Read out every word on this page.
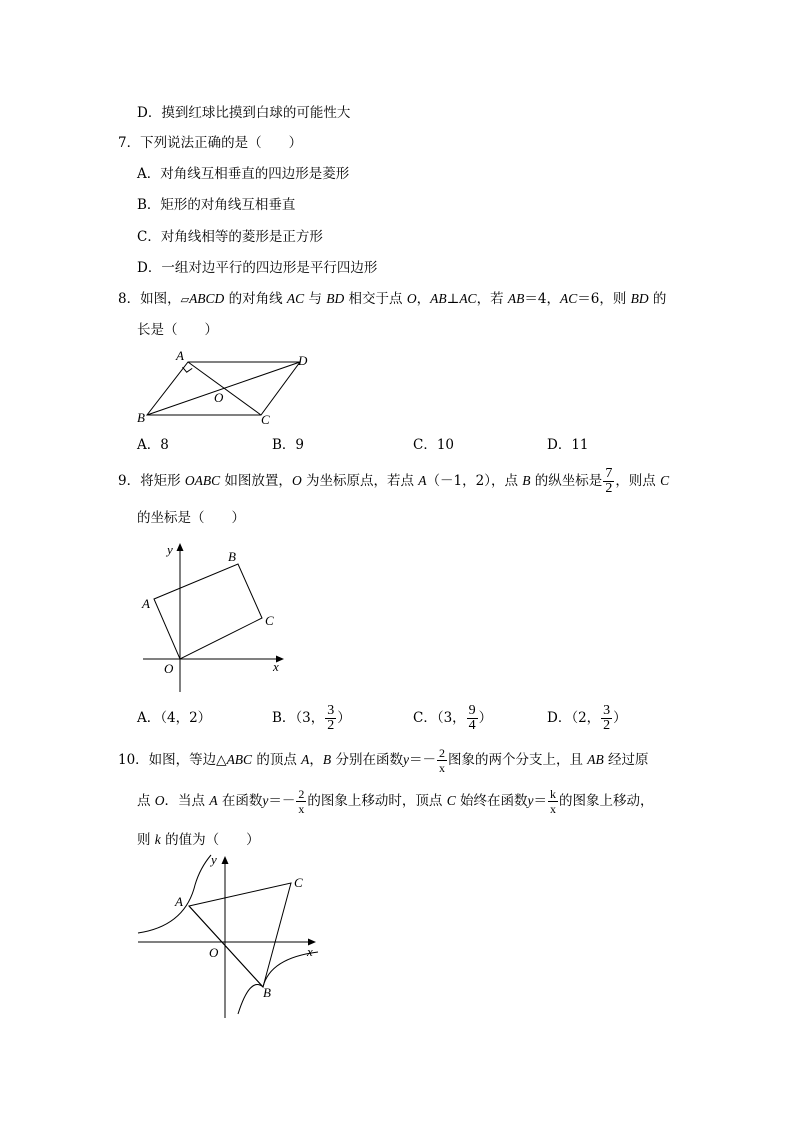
D．摸到红球比摸到白球的可能性大
7．下列说法正确的是（　　）
A．对角线互相垂直的四边形是菱形
B．矩形的对角线互相垂直
C．对角线相等的菱形是正方形
D．一组对边平行的四边形是平行四边形
8．如图，▱ABCD 的对角线 AC 与 BD 相交于点 O，AB⊥AC，若 AB＝4，AC＝6，则 BD 的
长是（　　）
A	D
B	C
O
A．8	B．9	C．10	D．11
9．将矩形 OABC 如图放置，O 为坐标原点，若点 A（－1，2），点 B 的纵坐标是 $\frac{7}{2}$ ，则点 C
的坐标是（　　）
y
x
A
B
C
O
A．（4，2）	B．（3， $\frac{3}{2}$ ）	C．（3， $\frac{9}{4}$ ）	D．（2， $\frac{3}{2}$ ）
10．如图，等边△ABC 的顶点 A，B 分别在函数$y=- \frac{2}{x}$ 图象的两个分支上，且 AB 经过原
点 O．当点 A 在函数$y=- \frac{2}{x}$ 的图象上移动时，顶点 C 始终在函数$y= \frac{k}{x}$ 的图象上移动，
则 k 的值为（　　）
y
x
A
C
B
O
